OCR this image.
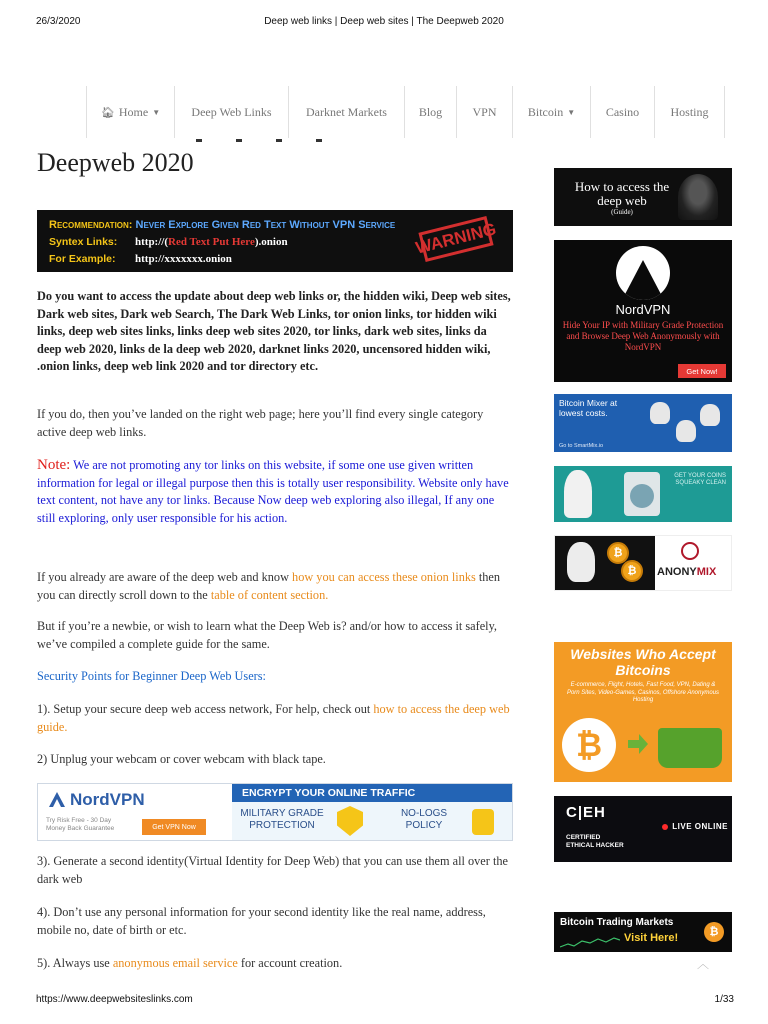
26/3/2020	Deep web links | Deep web sites | The Deepweb 2020
🏠︎ Home ▼	Deep Web Links	Darknet Markets	Blog	VPN	Bitcoin ▼	Casino	Hosting
Deepweb 2020
Recommendation: Never Explore Given Red Text Without VPN Service
Syntex Links: http://(Red Text Put Here).onion
For Example: http://xxxxxxx.onion
WARNING

Do you want to access the update about deep web links or, the hidden wiki, Deep web sites, Dark web sites, Dark web Search, The Dark Web Links, tor onion links, tor hidden wiki links, deep web sites links, links deep web sites 2020, tor links, dark web sites, links da deep web 2020, links de la deep web 2020, darknet links 2020, uncensored hidden wiki, .onion links, deep web link 2020 and tor directory etc.

If you do, then you’ve landed on the right web page; here you’ll find every single category active deep web links.

Note: We are not promoting any tor links on this website, if some one use given written information for legal or illegal purpose then this is totally user responsibility. Website only have text content, not have any tor links. Because Now deep web exploring also illegal, If any one still exploring, only user responsible for his action.

If you already are aware of the deep web and know how you can access these onion links then you can directly scroll down to the table of content section.

But if you’re a newbie, or wish to learn what the Deep Web is? and/or how to access it safely, we’ve compiled a complete guide for the same.

Security Points for Beginner Deep Web Users:

1). Setup your secure deep web access network, For help, check out how to access the deep web guide.

2) Unplug your webcam or cover webcam with black tape.

NordVPN
Try Risk Free - 30 Day Money Back Guarantee	Get VPN Now
ENCRYPT YOUR ONLINE TRAFFIC
MILITARY GRADE PROTECTION
NO-LOGS POLICY

3). Generate a second identity(Virtual Identity for Deep Web) that you can use them all over the dark web

4). Don’t use any personal information for your second identity like the real name, address, mobile no, date of birth or etc.

5). Always use anonymous email service for account creation.

How to access the deep web
(Guide)
NordVPN
Hide Your IP with Military Grade Protection and Browse Deep Web Anonymously with NordVPN
Get Now!
Bitcoin Mixer at lowest costs.
Go to SmartMix.io
GET YOUR COINS SQUEAKY CLEAN
₿
₿	ANONYMIX
Websites Who Accept Bitcoins
E-commerce, Flight, Hotels, Fast Food, VPN, Dating & Porn Sites, Video-Games, Casinos, Offshore Anonymous Hosting
₿
C|EH
CERTIFIED ETHICAL HACKER
LIVE ONLINE
Bitcoin Trading Markets
Visit Here!	₿
︿
https://www.deepwebsiteslinks.com	1/33
